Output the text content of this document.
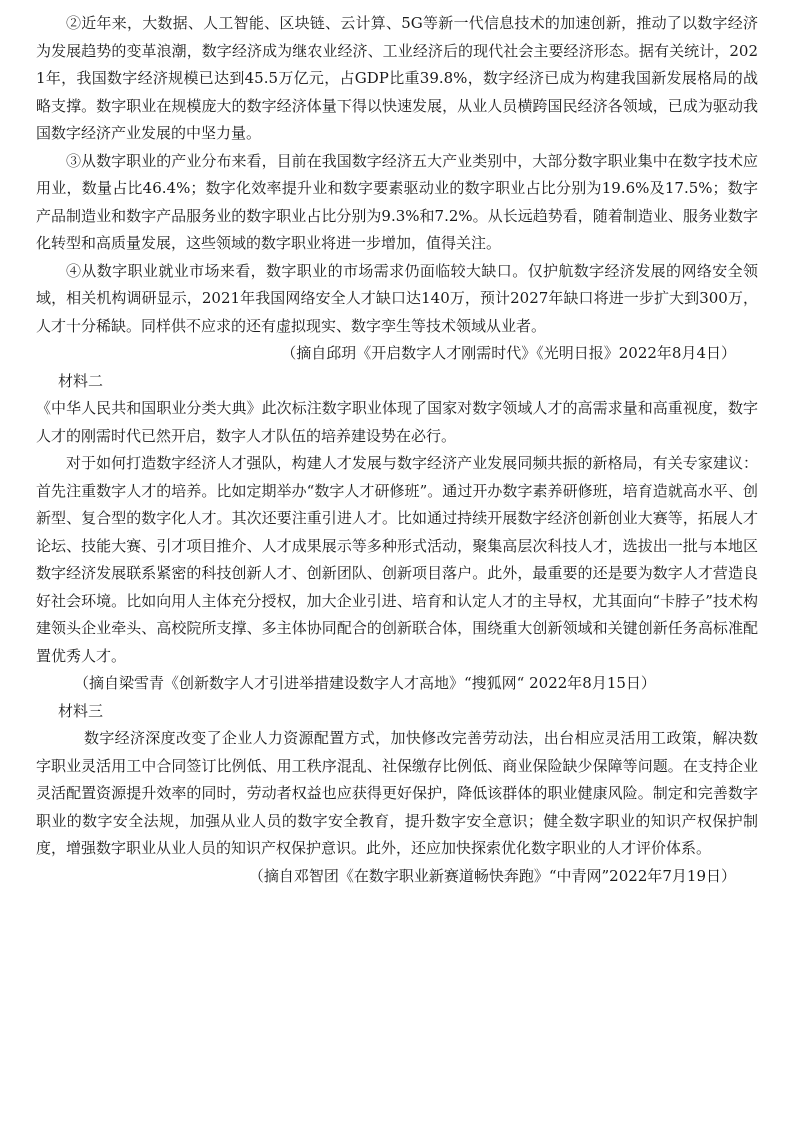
②近年来，大数据、人工智能、区块链、云计算、5G等新一代信息技术的加速创新，推动了以数字经济为发展趋势的变革浪潮，数字经济成为继农业经济、工业经济后的现代社会主要经济形态。据有关统计，2021年，我国数字经济规模已达到45.5万亿元，占GDP比重39.8%，数字经济已成为构建我国新发展格局的战略支撑。数字职业在规模庞大的数字经济体量下得以快速发展，从业人员横跨国民经济各领域，已成为驱动我国数字经济产业发展的中坚力量。

③从数字职业的产业分布来看，目前在我国数字经济五大产业类别中，大部分数字职业集中在数字技术应用业，数量占比46.4%；数字化效率提升业和数字要素驱动业的数字职业占比分别为19.6%及17.5%；数字产品制造业和数字产品服务业的数字职业占比分别为9.3%和7.2%。从长远趋势看，随着制造业、服务业数字化转型和高质量发展，这些领域的数字职业将进一步增加，值得关注。

④从数字职业就业市场来看，数字职业的市场需求仍面临较大缺口。仅护航数字经济发展的网络安全领域，相关机构调研显示，2021年我国网络安全人才缺口达140万，预计2027年缺口将进一步扩大到300万，人才十分稀缺。同样供不应求的还有虚拟现实、数字孪生等技术领域从业者。

（摘自邱玥《开启数字人才刚需时代》《光明日报》2022年8月4日）

材料二

《中华人民共和国职业分类大典》此次标注数字职业体现了国家对数字领域人才的高需求量和高重视度，数字人才的刚需时代已然开启，数字人才队伍的培养建设势在必行。

对于如何打造数字经济人才强队，构建人才发展与数字经济产业发展同频共振的新格局，有关专家建议：首先注重数字人才的培养。比如定期举办“数字人才研修班”。通过开办数字素养研修班，培育造就高水平、创新型、复合型的数字化人才。其次还要注重引进人才。比如通过持续开展数字经济创新创业大赛等，拓展人才论坛、技能大赛、引才项目推介、人才成果展示等多种形式活动，聚集高层次科技人才，选拔出一批与本地区数字经济发展联系紧密的科技创新人才、创新团队、创新项目落户。此外，最重要的还是要为数字人才营造良好社会环境。比如向用人主体充分授权，加大企业引进、培育和认定人才的主导权，尤其面向“卡脖子”技术构建领头企业牵头、高校院所支撑、多主体协同配合的创新联合体，围绕重大创新领域和关键创新任务高标准配置优秀人才。

（摘自梁雪青《创新数字人才引进举措建设数字人才高地》“搜狐网“ 2022年8月15日）

材料三

数字经济深度改变了企业人力资源配置方式，加快修改完善劳动法，出台相应灵活用工政策，解决数字职业灵活用工中合同签订比例低、用工秩序混乱、社保缴存比例低、商业保险缺少保障等问题。在支持企业灵活配置资源提升效率的同时，劳动者权益也应获得更好保护，降低该群体的职业健康风险。制定和完善数字职业的数字安全法规，加强从业人员的数字安全教育，提升数字安全意识；健全数字职业的知识产权保护制度，增强数字职业从业人员的知识产权保护意识。此外，还应加快探索优化数字职业的人才评价体系。

（摘自邓智团《在数字职业新赛道畅快奔跑》“中青网”2022年7月19日）
